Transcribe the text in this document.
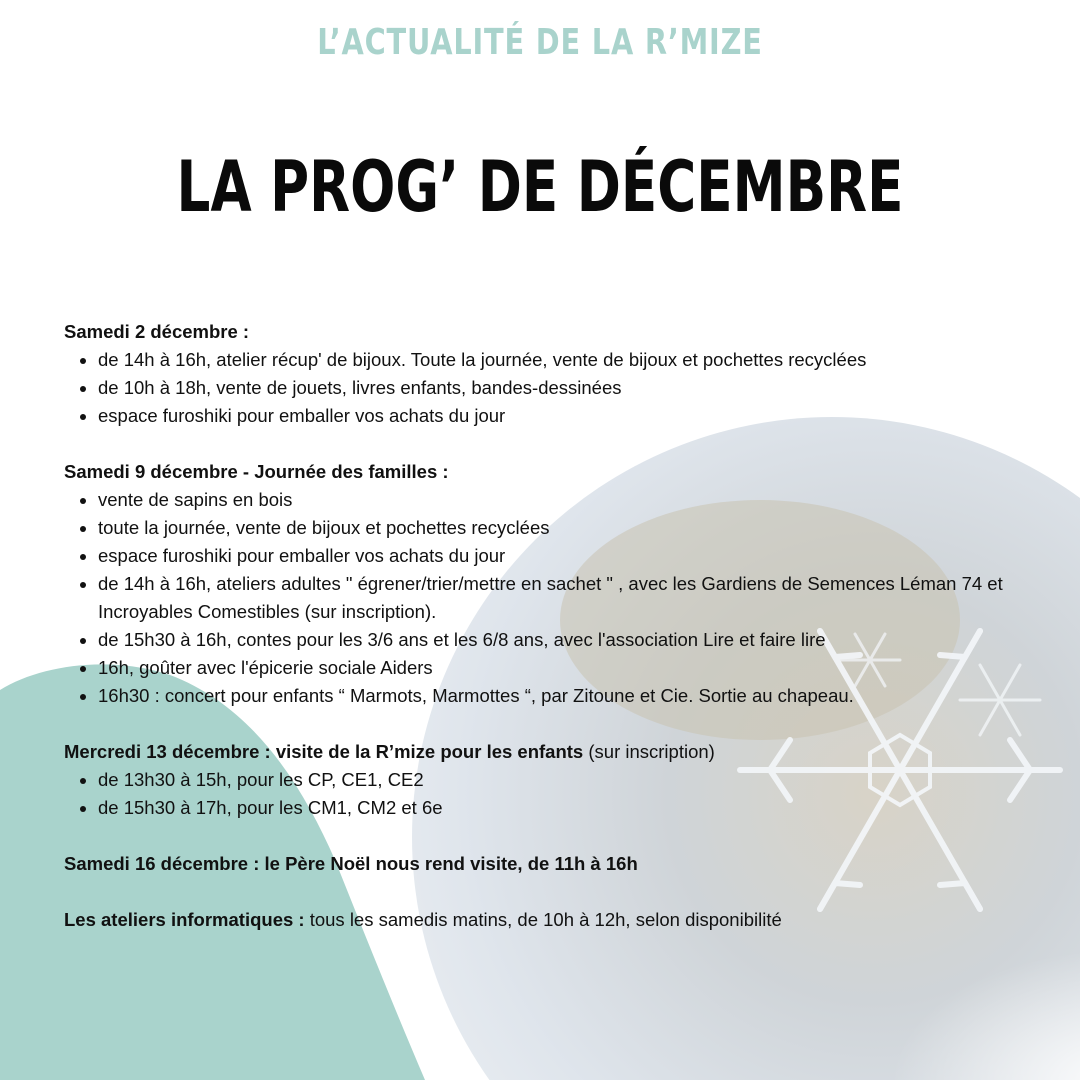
L’ACTUALITÉ DE LA R’MIZE
LA PROG’ DE DÉCEMBRE

Samedi 2 décembre :

• de 14h à 16h, atelier récup' de bijoux. Toute la journée, vente de bijoux et pochettes recyclées
• de 10h à 18h, vente de jouets, livres enfants, bandes-dessinées
• espace furoshiki pour emballer vos achats du jour

Samedi 9 décembre - Journée des familles :

• vente de sapins en bois
• toute la journée, vente de bijoux et pochettes recyclées
• espace furoshiki pour emballer vos achats du jour
• de 14h à 16h, ateliers adultes " égrener/trier/mettre en sachet " , avec les Gardiens de Semences Léman 74 et Incroyables Comestibles (sur inscription).
• de 15h30 à 16h, contes pour les 3/6 ans et les 6/8 ans, avec l'association Lire et faire lire
• 16h, goûter avec l'épicerie sociale Aiders
• 16h30 : concert pour enfants “ Marmots, Marmottes “, par Zitoune et Cie. Sortie au chapeau.

Mercredi 13 décembre : visite de la R’mize pour les enfants (sur inscription)

• de 13h30 à 15h, pour les CP, CE1, CE2
• de 15h30 à 17h, pour les CM1, CM2 et 6e

Samedi 16 décembre : le Père Noël nous rend visite, de 11h à 16h

Les ateliers informatiques : tous les samedis matins, de 10h à 12h, selon disponibilité
